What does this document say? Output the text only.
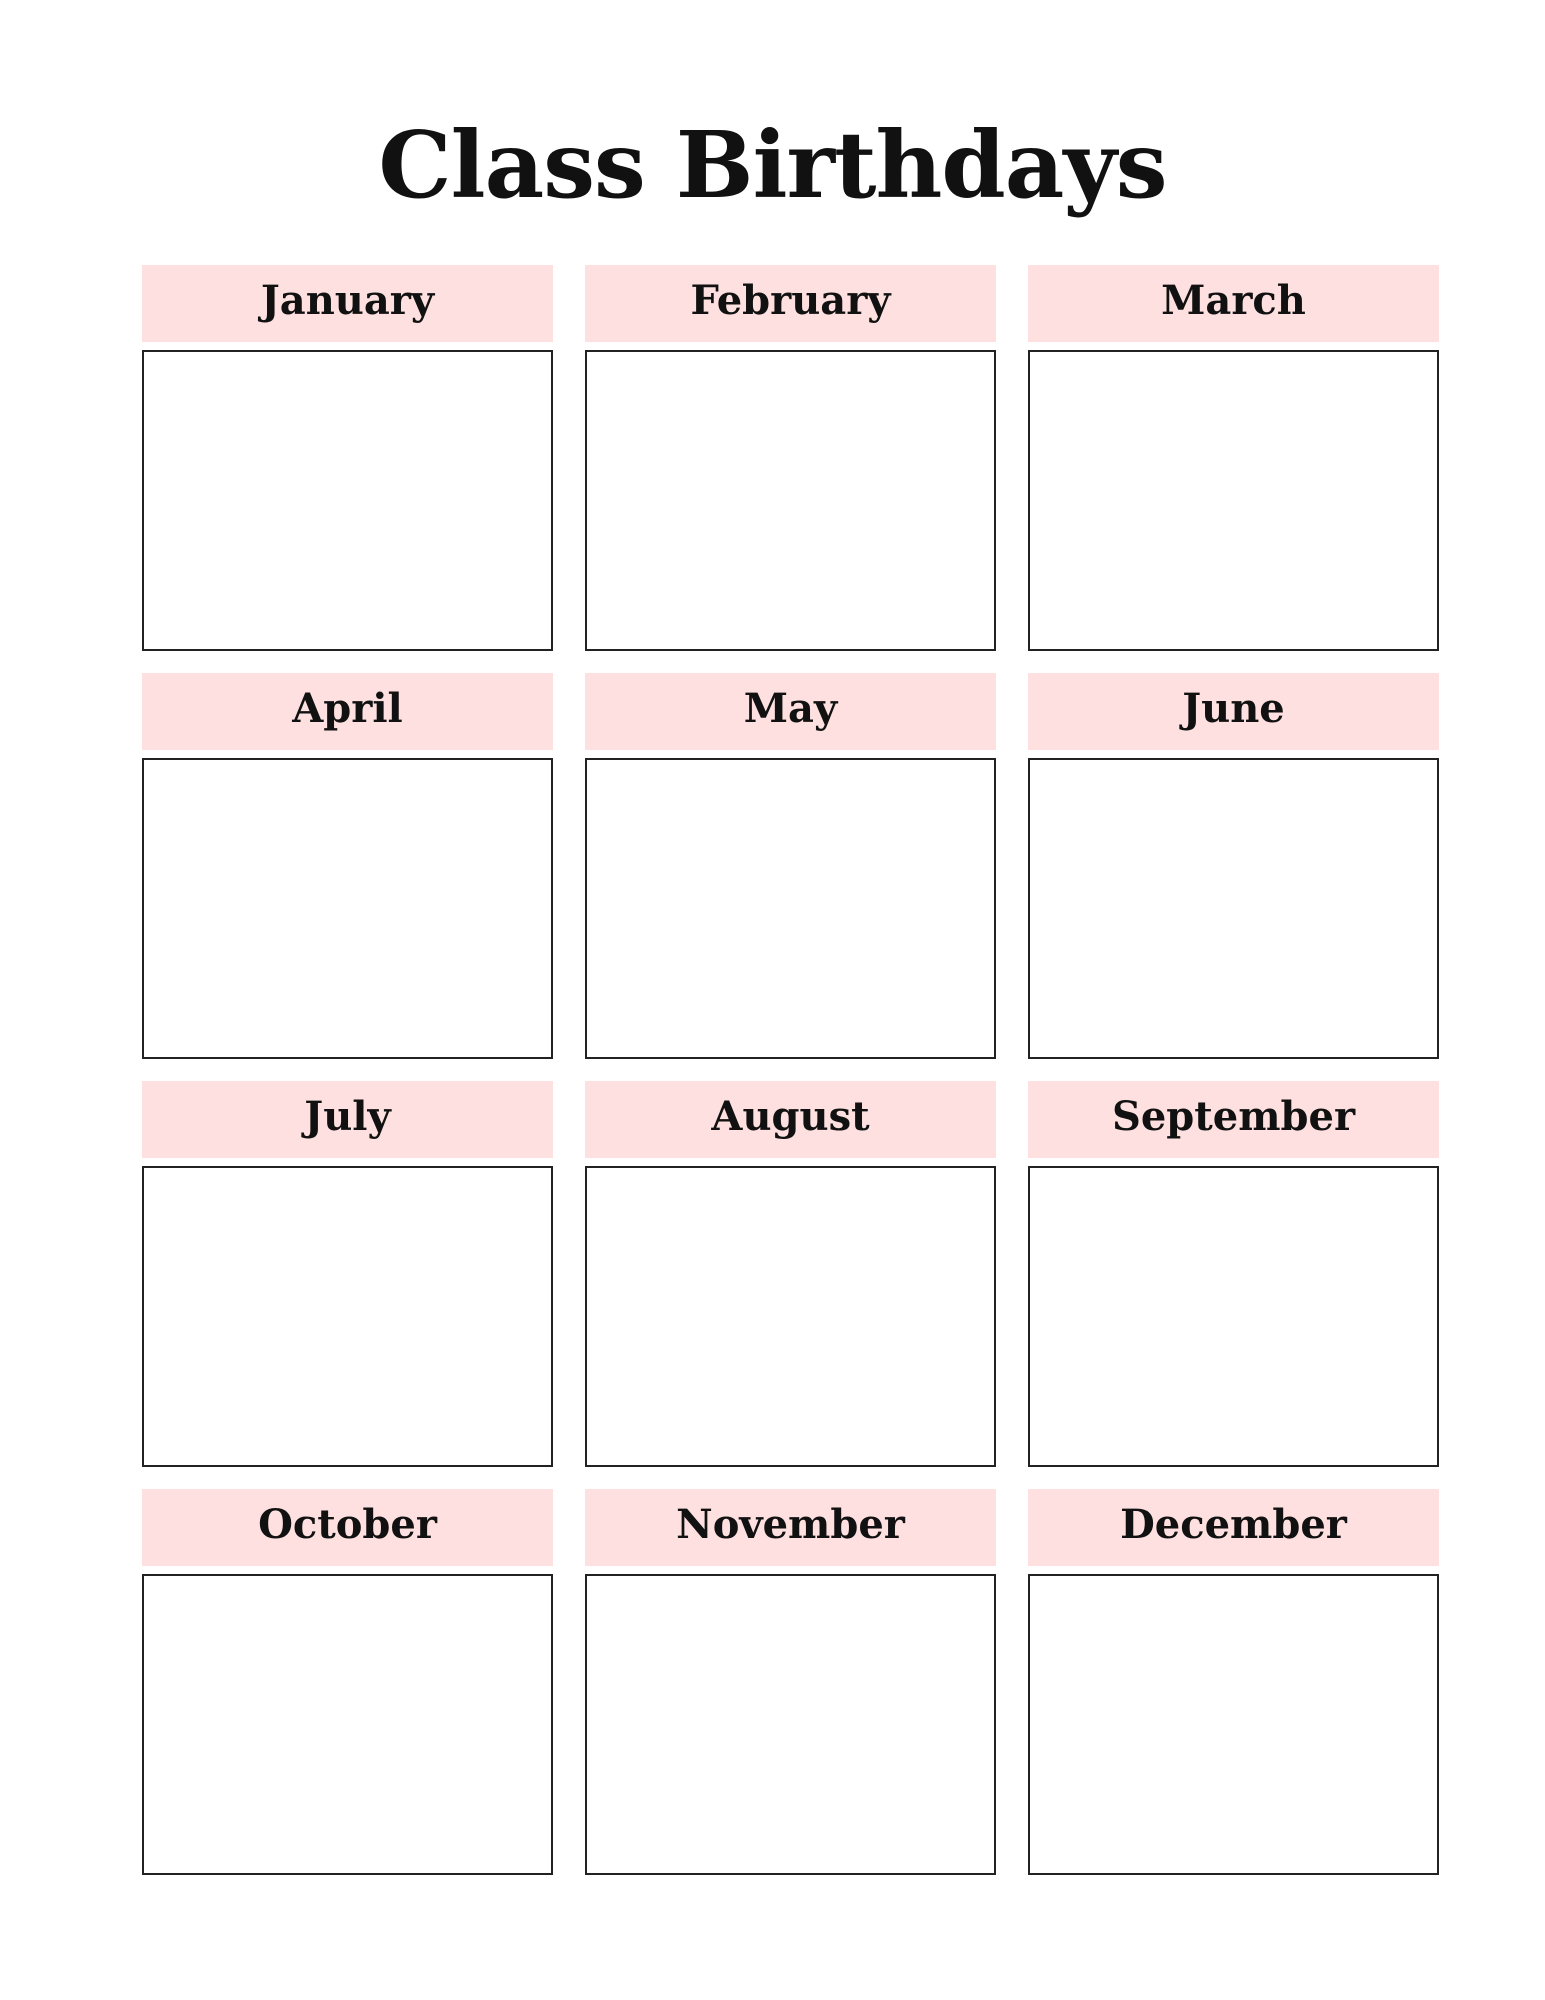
Class Birthdays
January	February	March
April	May	June
July	August	September
October	November	December
